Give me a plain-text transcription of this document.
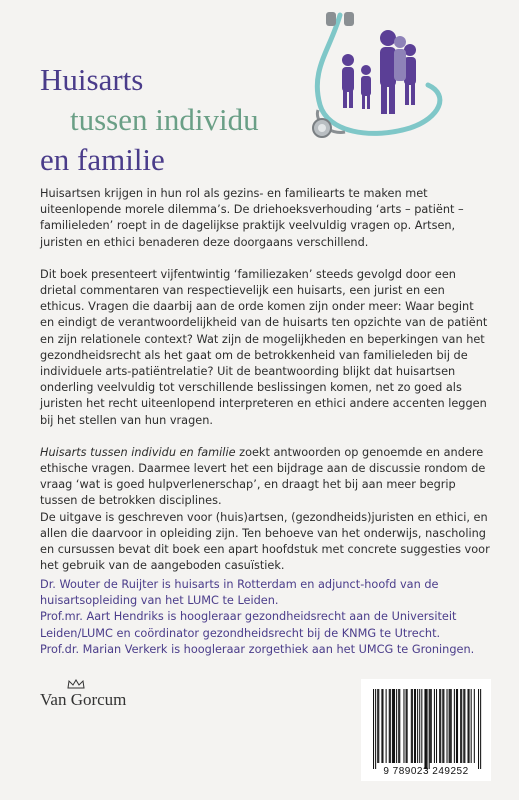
Huisarts
tussen individu
en familie

Huisartsen krijgen in hun rol als gezins- en familiearts te maken met uiteenlopende morele dilemma’s. De driehoeksverhouding ‘arts – patiënt – familieleden’ roept in de dagelijkse praktijk veelvuldig vragen op. Artsen, juristen en ethici benaderen deze doorgaans verschillend.

Dit boek presenteert vijfentwintig ‘familiezaken’ steeds gevolgd door een drietal commentaren van respectievelijk een huisarts, een jurist en een ethicus. Vragen die daarbij aan de orde komen zijn onder meer: Waar begint en eindigt de verantwoordelijkheid van de huisarts ten opzichte van de patiënt en zijn relationele context? Wat zijn de mogelijkheden en beperkingen van het gezondheidsrecht als het gaat om de betrokkenheid van familieleden bij de individuele arts-patiëntrelatie? Uit de beantwoording blijkt dat huisartsen onderling veelvuldig tot verschillende beslissingen komen, net zo goed als juristen het recht uiteenlopend interpreteren en ethici andere accenten leggen bij het stellen van hun vragen.

Huisarts tussen individu en familie zoekt antwoorden op genoemde en andere ethische vragen. Daarmee levert het een bijdrage aan de discussie rondom de vraag ‘wat is goed hulpverlenerschap’, en draagt het bij aan meer begrip tussen de betrokken disciplines.

De uitgave is geschreven voor (huis)artsen, (gezondheids)juristen en ethici, en allen die daarvoor in opleiding zijn. Ten behoeve van het onderwijs, nascholing en cursussen bevat dit boek een apart hoofdstuk met concrete suggesties voor het gebruik van de aangeboden casuïstiek.

Dr. Wouter de Ruijter is huisarts in Rotterdam en adjunct-hoofd van de
huisartsopleiding van het LUMC te Leiden.
Prof.mr. Aart Hendriks is hoogleraar gezondheidsrecht aan de Universiteit
Leiden/LUMC en coördinator gezondheidsrecht bij de KNMG te Utrecht.
Prof.dr. Marian Verkerk is hoogleraar zorgethiek aan het UMCG te Groningen.
Van Gorcum
9 789023 249252
